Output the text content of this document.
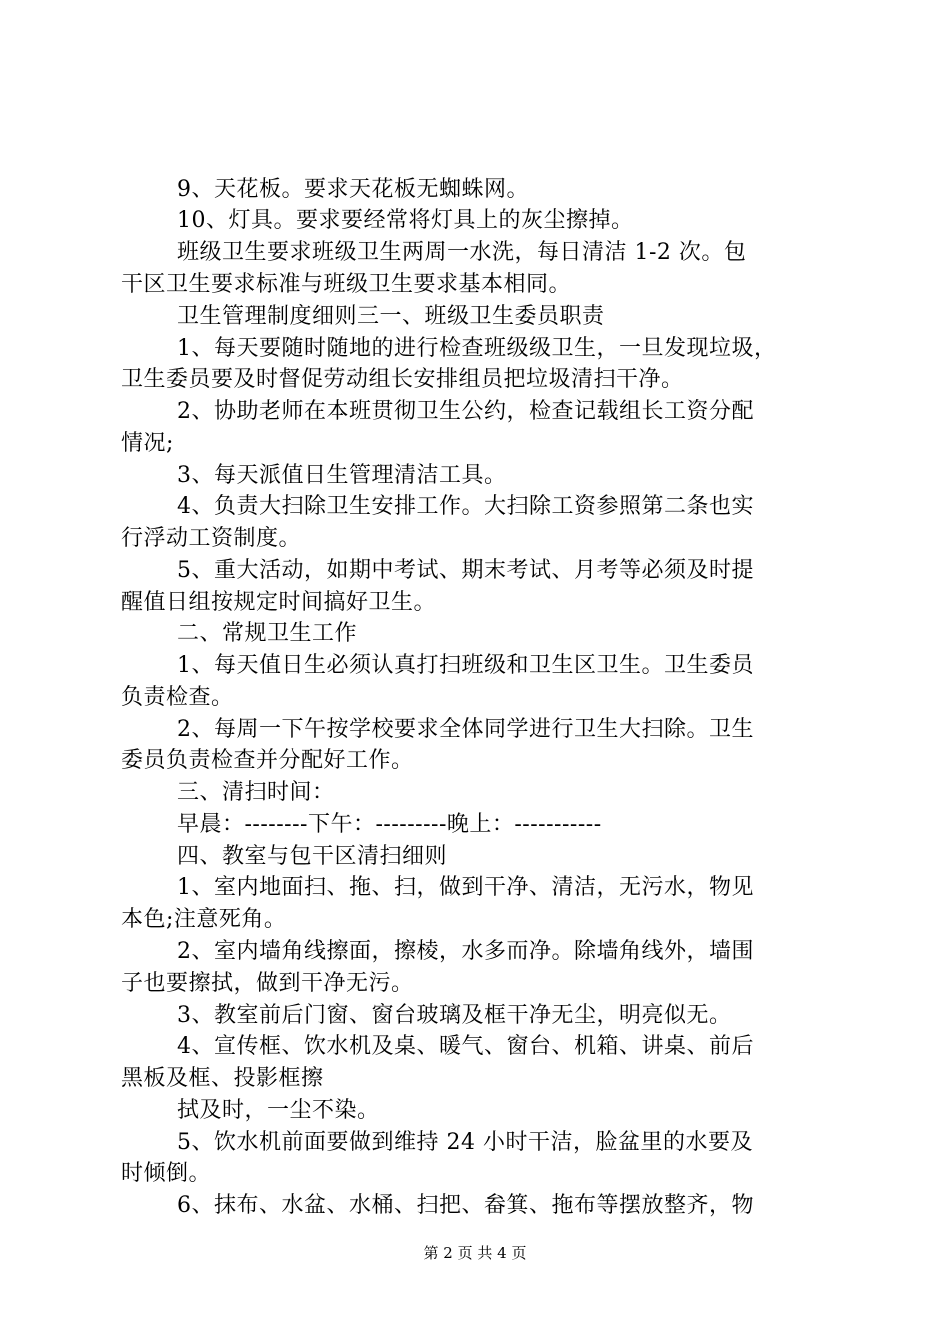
9、天花板。要求天花板无蜘蛛网。
10、灯具。要求要经常将灯具上的灰尘擦掉。
班级卫生要求班级卫生两周一水洗，每日清洁 1-2 次。包
干区卫生要求标准与班级卫生要求基本相同。
卫生管理制度细则三一、班级卫生委员职责
1、每天要随时随地的进行检查班级级卫生，一旦发现垃圾，
卫生委员要及时督促劳动组长安排组员把垃圾清扫干净。
2、协助老师在本班贯彻卫生公约，检查记载组长工资分配
情况;
3、每天派值日生管理清洁工具。
4、负责大扫除卫生安排工作。大扫除工资参照第二条也实
行浮动工资制度。
5、重大活动，如期中考试、期末考试、月考等必须及时提
醒值日组按规定时间搞好卫生。
二、常规卫生工作
1、每天值日生必须认真打扫班级和卫生区卫生。卫生委员
负责检查。
2、每周一下午按学校要求全体同学进行卫生大扫除。卫生
委员负责检查并分配好工作。
三、清扫时间：
早晨：--------下午：---------晚上：-----------
四、教室与包干区清扫细则
1、室内地面扫、拖、扫，做到干净、清洁，无污水，物见
本色;注意死角。
2、室内墙角线擦面，擦棱，水多而净。除墙角线外，墙围
子也要擦拭，做到干净无污。
3、教室前后门窗、窗台玻璃及框干净无尘，明亮似无。
4、宣传框、饮水机及桌、暖气、窗台、机箱、讲桌、前后
黑板及框、投影框擦
拭及时，一尘不染。
5、饮水机前面要做到维持 24 小时干洁，脸盆里的水要及
时倾倒。
6、抹布、水盆、水桶、扫把、畚箕、拖布等摆放整齐，物
第 2 页 共 4 页
